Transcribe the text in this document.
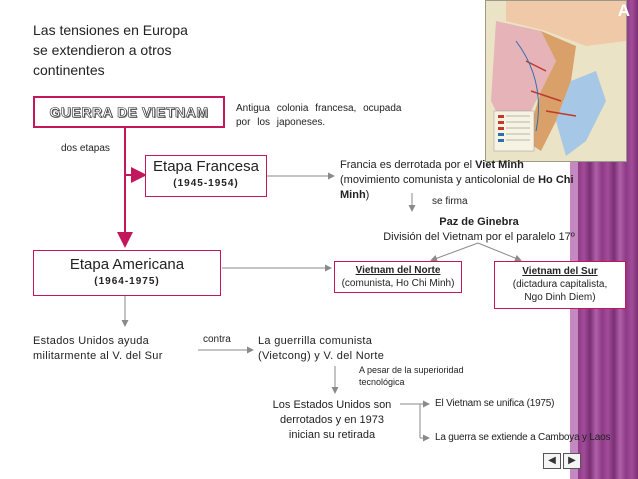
A
Las tensiones en Europa
se extendieron a otros
continentes
GUERRA DE VIETNAM	Antigua colonia francesa, ocupada
por los japoneses.
dos etapas
Etapa Francesa
(1945-1954)
Francia es derrotada por el Viet Minh
(movimiento comunista y anticolonial de Ho Chi
Minh)
se firma
Paz de Ginebra
División del Vietnam por el paralelo 17º
Vietnam del Norte
(comunista, Ho Chi Minh)
Vietnam del Sur
(dictadura capitalista,
Ngo Dinh Diem)
Etapa Americana
(1964-1975)
Estados Unidos ayuda
militarmente al V. del Sur
contra La guerrilla comunista
(Vietcong) y V. del Norte
A pesar de la superioridad
tecnológica
Los Estados Unidos son
derrotados y en 1973
inician su retirada
El Vietnam se unifica (1975)
La guerra se extiende a Camboya y Laos
◀	▶
